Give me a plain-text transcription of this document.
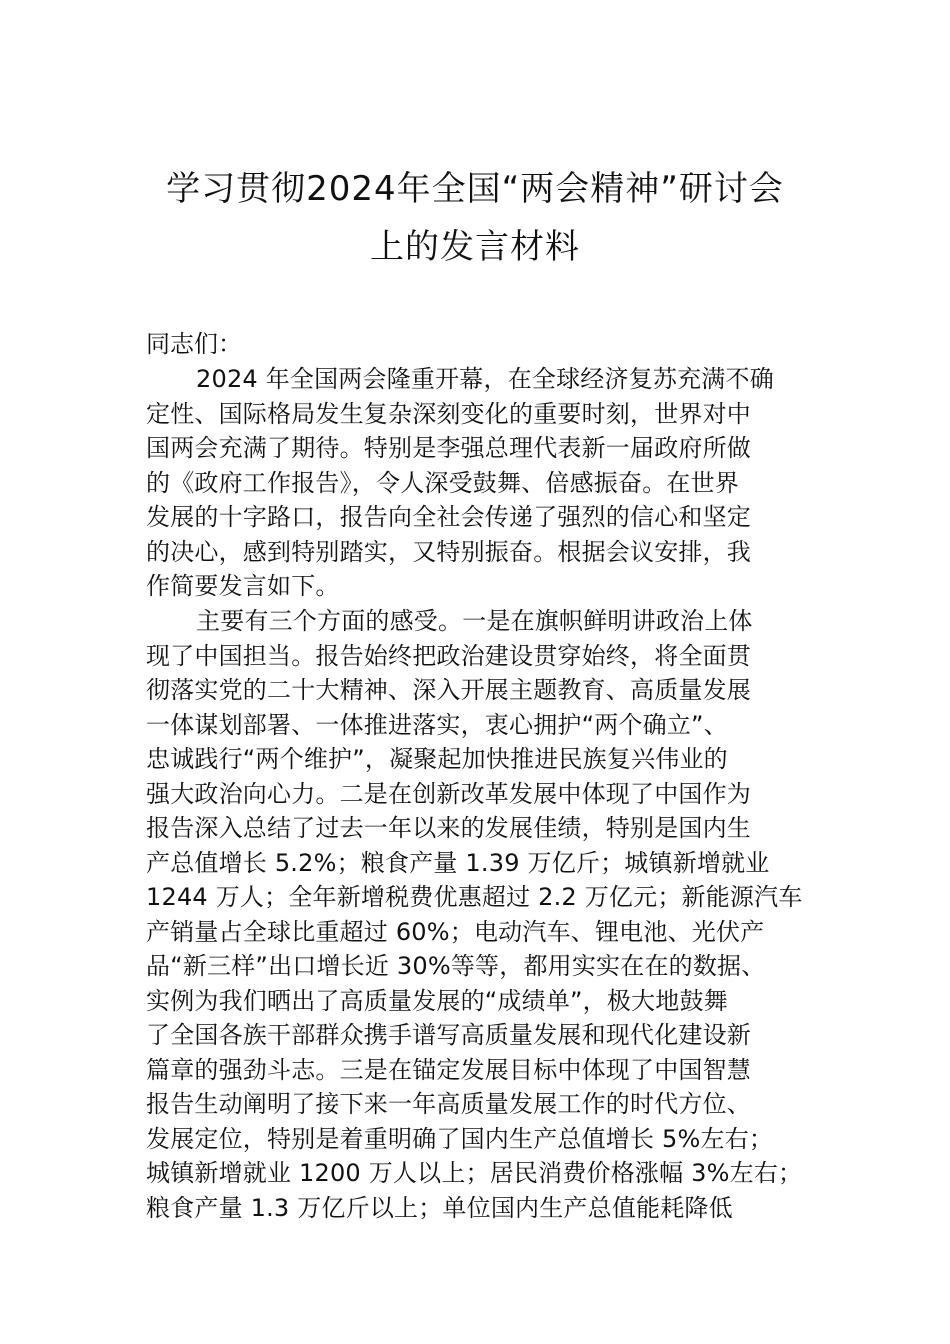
学习贯彻2024年全国“两会精神”研讨会
上的发言材料

同志们：

2024 年全国两会隆重开幕，在全球经济复苏充满不确
定性、国际格局发生复杂深刻变化的重要时刻，世界对中
国两会充满了期待。特别是李强总理代表新一届政府所做
的《政府工作报告》，令人深受鼓舞、倍感振奋。在世界
发展的十字路口，报告向全社会传递了强烈的信心和坚定
的决心，感到特别踏实，又特别振奋。根据会议安排，我
作简要发言如下。
主要有三个方面的感受。一是在旗帜鲜明讲政治上体
现了中国担当。报告始终把政治建设贯穿始终，将全面贯
彻落实党的二十大精神、深入开展主题教育、高质量发展
一体谋划部署、一体推进落实，衷心拥护“两个确立”、
忠诚践行“两个维护”，凝聚起加快推进民族复兴伟业的
强大政治向心力。二是在创新改革发展中体现了中国作为
报告深入总结了过去一年以来的发展佳绩，特别是国内生
产总值增长 5.2%；粮食产量 1.39 万亿斤；城镇新增就业
1244 万人；全年新增税费优惠超过 2.2 万亿元；新能源汽车
产销量占全球比重超过 60%；电动汽车、锂电池、光伏产
品“新三样”出口增长近 30%等等，都用实实在在的数据、
实例为我们晒出了高质量发展的“成绩单”，极大地鼓舞
了全国各族干部群众携手谱写高质量发展和现代化建设新
篇章的强劲斗志。三是在锚定发展目标中体现了中国智慧
报告生动阐明了接下来一年高质量发展工作的时代方位、
发展定位，特别是着重明确了国内生产总值增长 5%左右；
城镇新增就业 1200 万人以上；居民消费价格涨幅 3%左右；
粮食产量 1.3 万亿斤以上；单位国内生产总值能耗降低
